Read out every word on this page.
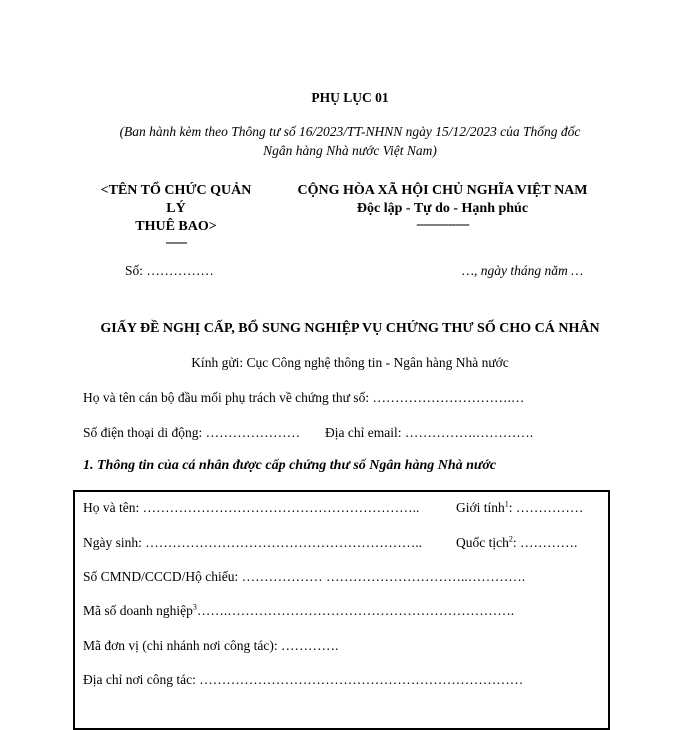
PHỤ LỤC 01
(Ban hành kèm theo Thông tư số 16/2023/TT-NHNN ngày 15/12/2023 của Thống đốc
Ngân hàng Nhà nước Việt Nam)
<TÊN TỔ CHỨC QUẢN
LÝ
THUÊ BAO>
------
CỘNG HÒA XÃ HỘI CHỦ NGHĨA VIỆT NAM
Độc lập - Tự do - Hạnh phúc
---------------
Số: ……………	…, ngày tháng năm …
GIẤY ĐỀ NGHỊ CẤP, BỔ SUNG NGHIỆP VỤ CHỨNG THƯ SỐ CHO CÁ NHÂN
Kính gửi: Cục Công nghệ thông tin - Ngân hàng Nhà nước
Họ và tên cán bộ đầu mối phụ trách về chứng thư số: ………………………….…
Số điện thoại di động: ………………… Địa chỉ email: …………….………….
1. Thông tin của cá nhân được cấp chứng thư số Ngân hàng Nhà nước
Họ và tên: ……………………………………………………..	Giới tính$^1$: ……………
Ngày sinh: ……………………………………………………..	Quốc tịch$^2$: ………….
Số CMND/CCCD/Hộ chiếu: ……………… …………………………..………….
Mã số doanh nghiệp$^3$…….……………………………………………………….
Mã đơn vị (chi nhánh nơi công tác): ………….
Địa chỉ nơi công tác: ………………………………………………………………
